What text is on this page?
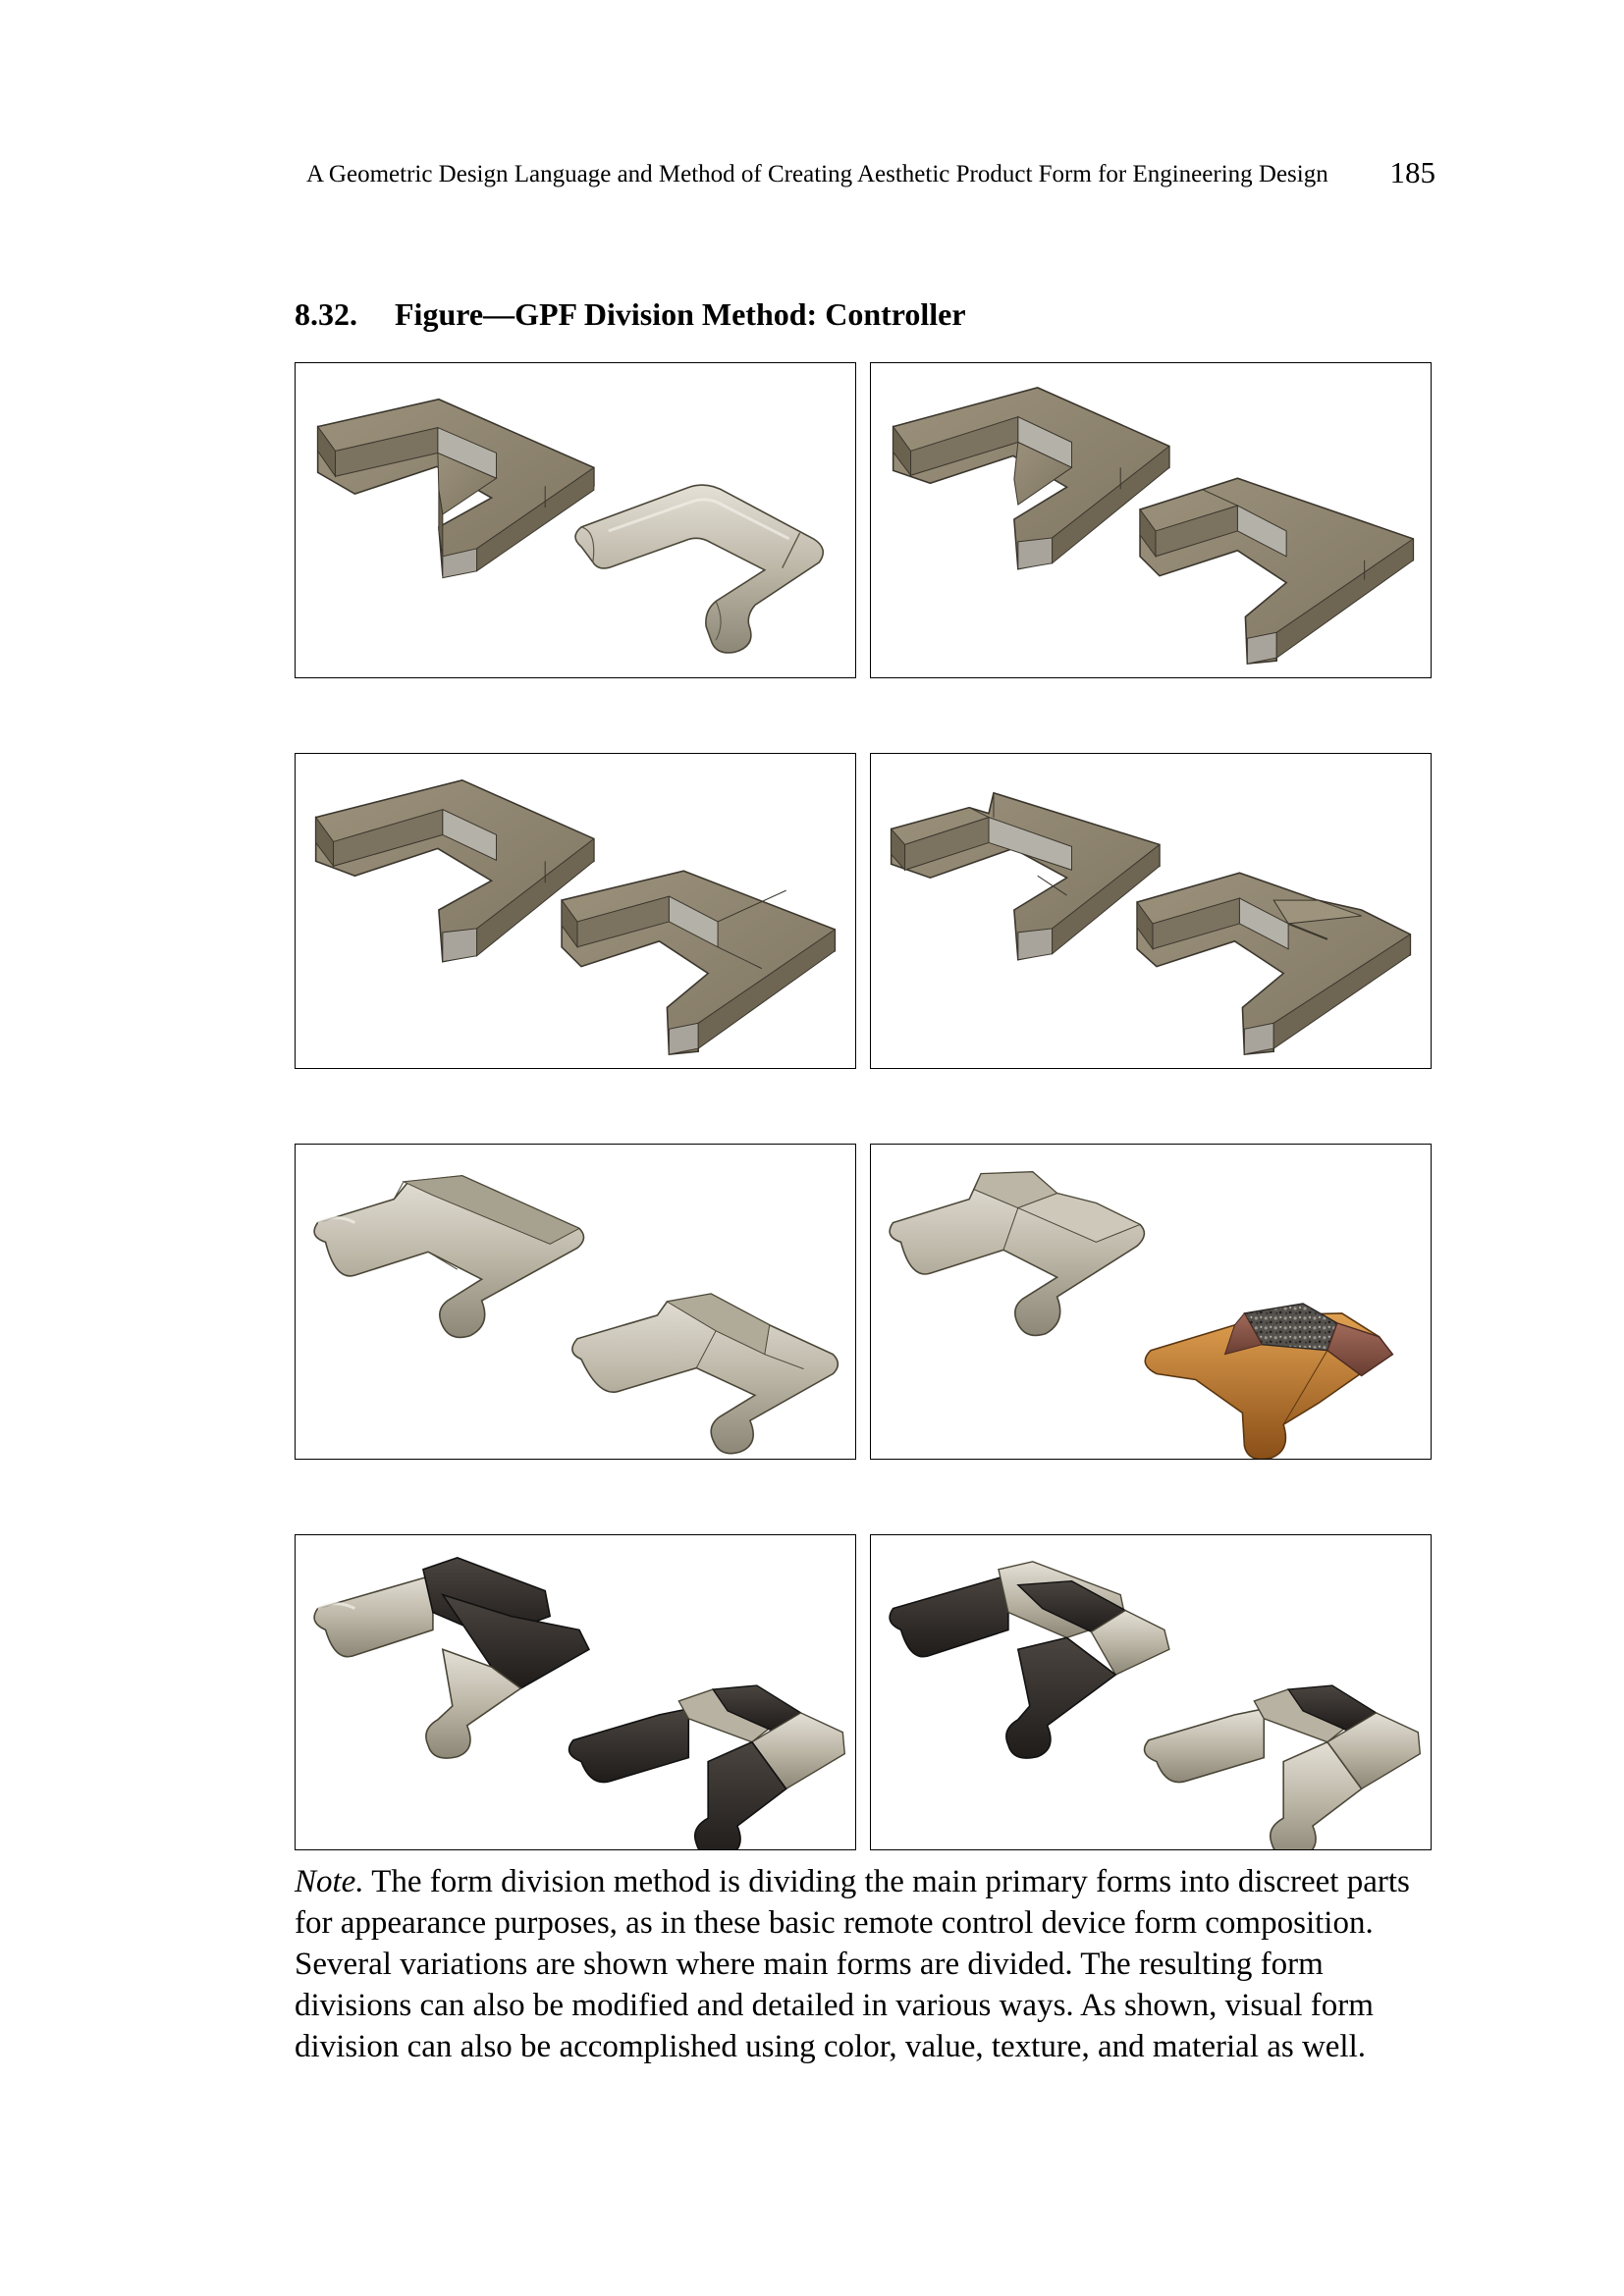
A Geometric Design Language and Method of Creating Aesthetic Product Form for Engineering Design 185
8.32. Figure—GPF Division Method: Controller
Note. The form division method is dividing the main primary forms into discreet parts
for appearance purposes, as in these basic remote control device form composition.
Several variations are shown where main forms are divided. The resulting form
divisions can also be modified and detailed in various ways. As shown, visual form
division can also be accomplished using color, value, texture, and material as well.
